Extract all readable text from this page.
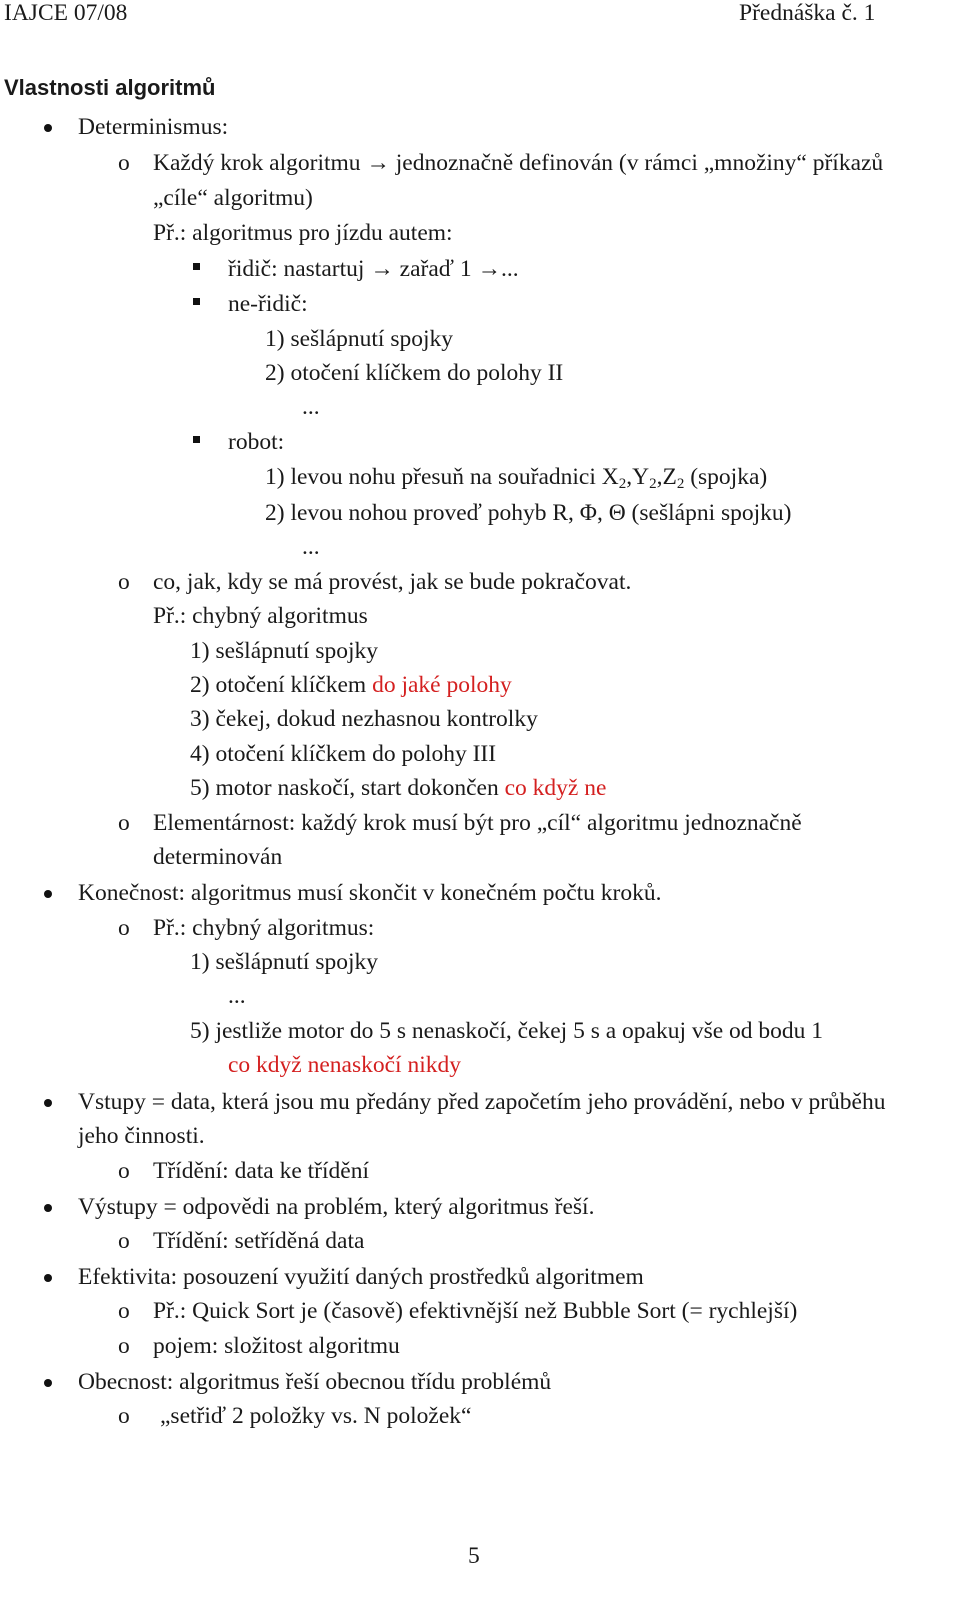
IAJCE 07/08	Přednáška č. 1
Vlastnosti algoritmů
Determinismus:
o Každý krok algoritmu → jednoznačně definován (v rámci „množiny“ příkazů
„cíle“ algoritmu)
Př.: algoritmus pro jízdu autem:
řidič: nastartuj → zařaď 1 →...
ne-řidič:
1) sešlápnutí spojky
2) otočení klíčkem do polohy II
...
robot:
1) levou nohu přesuň na souřadnici $X_2,Y_2,Z_2$ (spojka)
2) levou nohou proveď pohyb R, Φ, Θ (sešlápni spojku)
...
o co, jak, kdy se má provést, jak se bude pokračovat.
Př.: chybný algoritmus
1) sešlápnutí spojky
2) otočení klíčkem do jaké polohy
3) čekej, dokud nezhasnou kontrolky
4) otočení klíčkem do polohy III
5) motor naskočí, start dokončen co když ne
o Elementárnost: každý krok musí být pro „cíl“ algoritmu jednoznačně
determinován
Konečnost: algoritmus musí skončit v konečném počtu kroků.
o Př.: chybný algoritmus:
1) sešlápnutí spojky
...
5) jestliže motor do 5 s nenaskočí, čekej 5 s a opakuj vše od bodu 1
co když nenaskočí nikdy
Vstupy = data, která jsou mu předány před započetím jeho provádění, nebo v průběhu
jeho činnosti.
o Třídění: data ke třídění
Výstupy = odpovědi na problém, který algoritmus řeší.
o Třídění: setříděná data
Efektivita: posouzení využití daných prostředků algoritmem
o Př.: Quick Sort je (časově) efektivnější než Bubble Sort (= rychlejší)
o pojem: složitost algoritmu
Obecnost: algoritmus řeší obecnou třídu problémů
o „setřiď 2 položky vs. N položek“
5
